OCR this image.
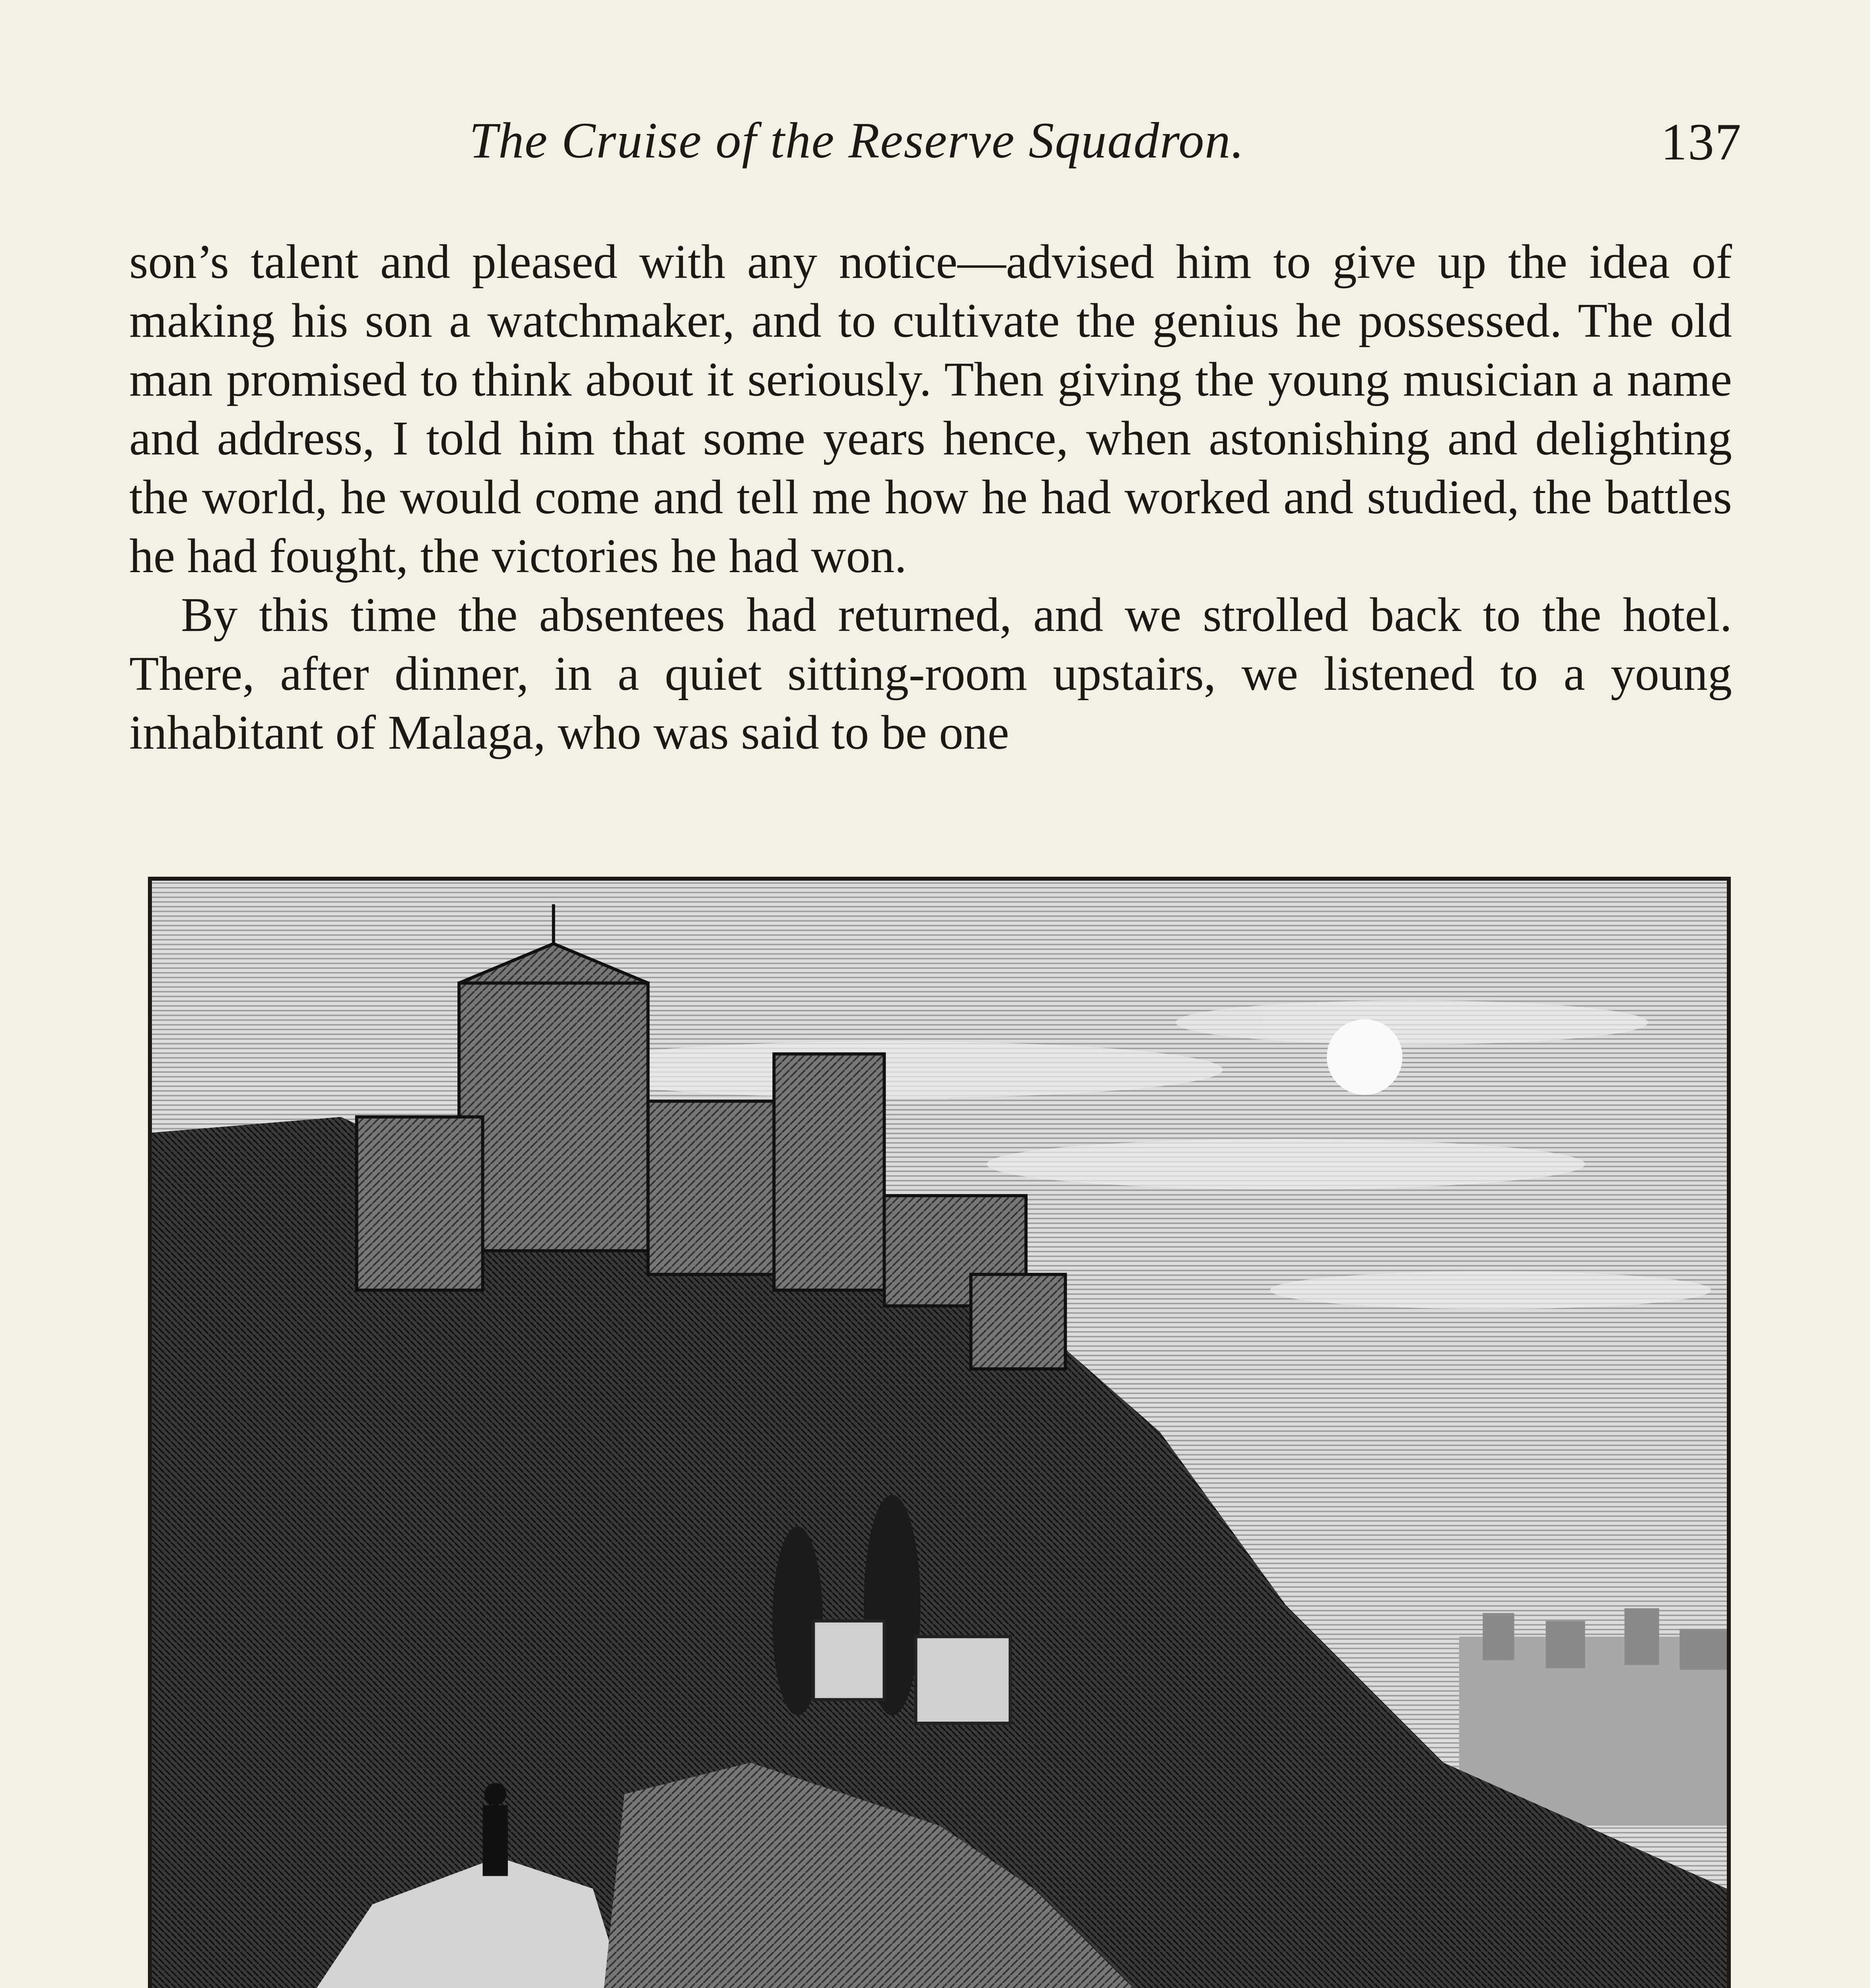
The Cruise of the Reserve Squadron.	137

son’s talent and pleased with any notice—advised him to give up the idea of making his son a watchmaker, and to cultivate the genius he possessed. The old man promised to think about it seriously. Then giving the young musician a name and address, I told him that some years hence, when astonishing and delighting the world, he would come and tell me how he had worked and studied, the battles he had fought, the victories he had won.

By this time the absentees had returned, and we strolled back to the hotel. There, after dinner, in a quiet sitting-room upstairs, we listened to a young inhabitant of Malaga, who was said to be one
